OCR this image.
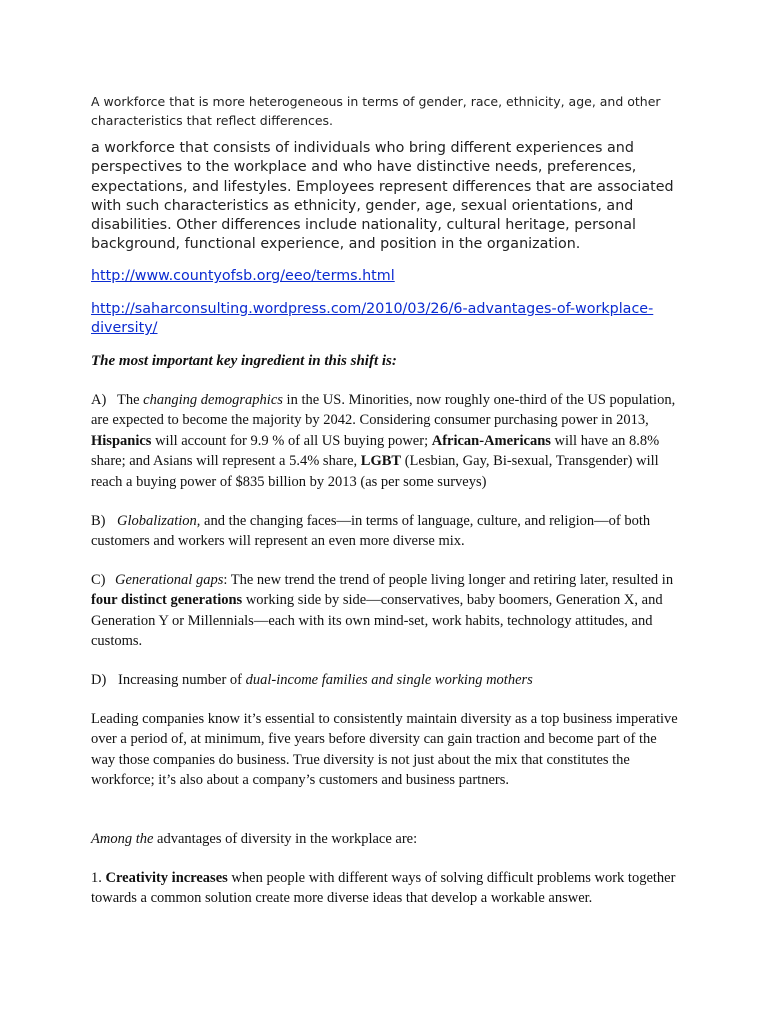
A workforce that is more heterogeneous in terms of gender, race, ethnicity, age, and other characteristics that reflect differences.
a workforce that consists of individuals who bring different experiences and perspectives to the workplace and who have distinctive needs, preferences, expectations, and lifestyles. Employees represent differences that are associated with such characteristics as ethnicity, gender, age, sexual orientations, and disabilities. Other differences include nationality, cultural heritage, personal background, functional experience, and position in the organization.
http://www.countyofsb.org/eeo/terms.html
http://saharconsulting.wordpress.com/2010/03/26/6-advantages-of-workplace-diversity/
The most important key ingredient in this shift is:
A) The changing demographics in the US. Minorities, now roughly one-third of the US population, are expected to become the majority by 2042. Considering consumer purchasing power in 2013, Hispanics will account for 9.9 % of all US buying power; African-Americans will have an 8.8% share; and Asians will represent a 5.4% share, LGBT (Lesbian, Gay, Bi-sexual, Transgender) will reach a buying power of $835 billion by 2013 (as per some surveys)
B) Globalization, and the changing faces—in terms of language, culture, and religion—of both customers and workers will represent an even more diverse mix.
C) Generational gaps: The new trend the trend of people living longer and retiring later, resulted in four distinct generations working side by side—conservatives, baby boomers, Generation X, and Generation Y or Millennials—each with its own mind-set, work habits, technology attitudes, and customs.
D) Increasing number of dual-income families and single working mothers
Leading companies know it’s essential to consistently maintain diversity as a top business imperative over a period of, at minimum, five years before diversity can gain traction and become part of the way those companies do business. True diversity is not just about the mix that constitutes the workforce; it’s also about a company’s customers and business partners.
Among the advantages of diversity in the workplace are:
1. Creativity increases when people with different ways of solving difficult problems work together towards a common solution create more diverse ideas that develop a workable answer.
